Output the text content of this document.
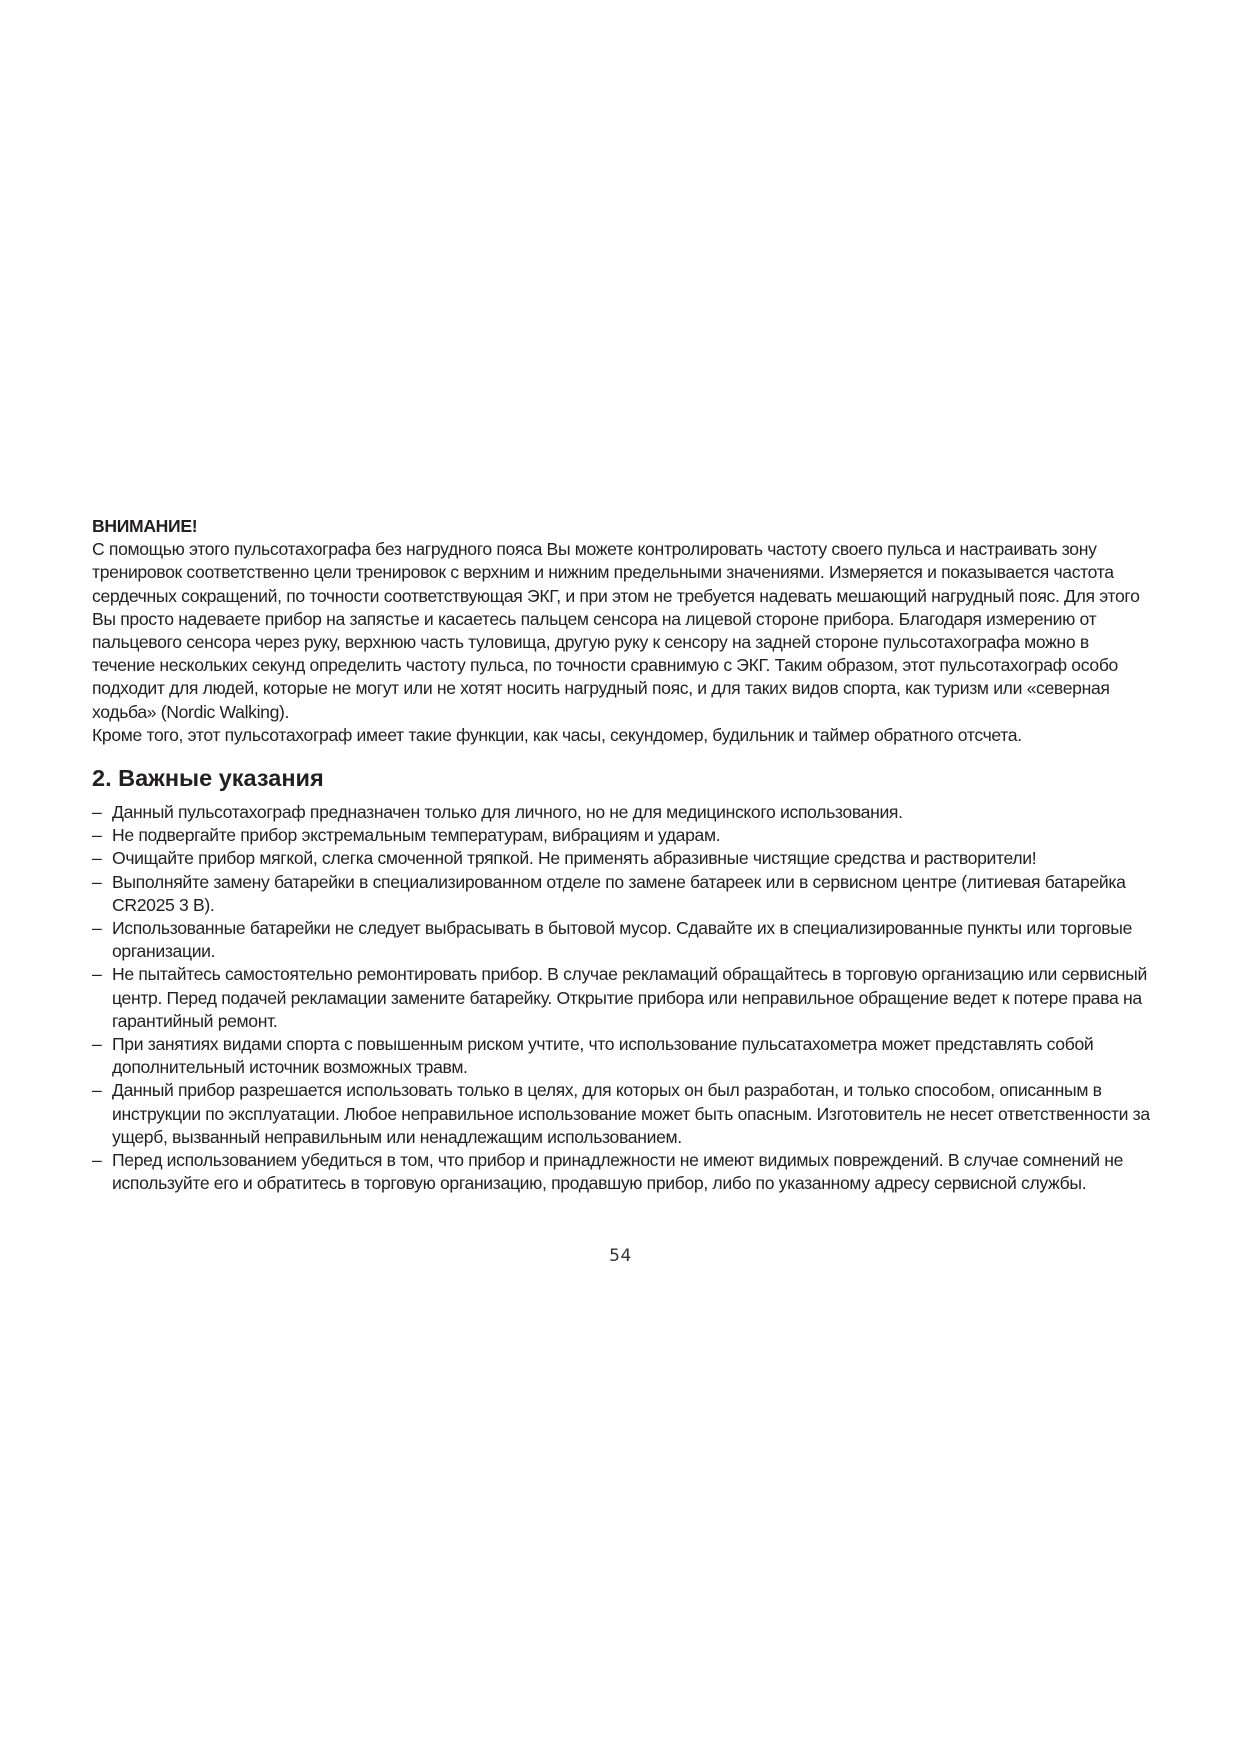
ВНИМАНИЕ!

С помощью этого пульсотахографа без нагрудного пояса Вы можете контролировать частоту своего пульса и настраивать зону тренировок соответственно цели тренировок с верхним и нижним предельными значениями. Измеряется и показывается частота сердечных сокращений, по точности соответствующая ЭКГ, и при этом не требуется надевать мешающий нагрудный пояс. Для этого Вы просто надеваете прибор на запястье и касаетесь пальцем сенсора на лицевой стороне прибора. Благодаря измерению от пальцевого сенсора через руку, верхнюю часть туловища, другую руку к сенсору на задней стороне пульсотахографа можно в течение нескольких секунд определить частоту пульса, по точности сравнимую с ЭКГ. Таким образом, этот пульсотахограф особо подходит для людей, которые не могут или не хотят носить нагрудный пояс, и для таких видов спорта, как туризм или «северная ходьба» (Nordic Walking).

Кроме того, этот пульсотахограф имеет такие функции, как часы, секундомер, будильник и таймер обратного отсчета.

2. Важные указания
– Данный пульсотахограф предназначен только для личного, но не для медицинского использования.
– Не подвергайте прибор экстремальным температурам, вибрациям и ударам.
– Очищайте прибор мягкой, слегка смоченной тряпкой. Не применять абразивные чистящие средства и растворители!
– Выполняйте замену батарейки в специализированном отделе по замене батареек или в сервисном центре (литиевая батарейка CR2025 3 В).
– Использованные батарейки не следует выбрасывать в бытовой мусор. Сдавайте их в специализированные пункты или торговые организации.
– Не пытайтесь самостоятельно ремонтировать прибор. В случае рекламаций обращайтесь в торговую организацию или сервисный центр. Перед подачей рекламации замените батарейку. Открытие прибора или неправильное обращение ведет к потере права на гарантийный ремонт.
– При занятиях видами спорта с повышенным риском учтите, что использование пульсатахометра может представлять собой дополнительный источник возможных травм.
– Данный прибор разрешается использовать только в целях, для которых он был разработан, и только способом, описанным в инструкции по эксплуатации. Любое неправильное использование может быть опасным. Изготовитель не несет ответственности за ущерб, вызванный неправильным или ненадлежащим использованием.
– Перед использованием убедиться в том, что прибор и принадлежности не имеют видимых повреждений. В случае сомнений не используйте его и обратитесь в торговую организацию, продавшую прибор, либо по указанному адресу сервисной службы.
54
